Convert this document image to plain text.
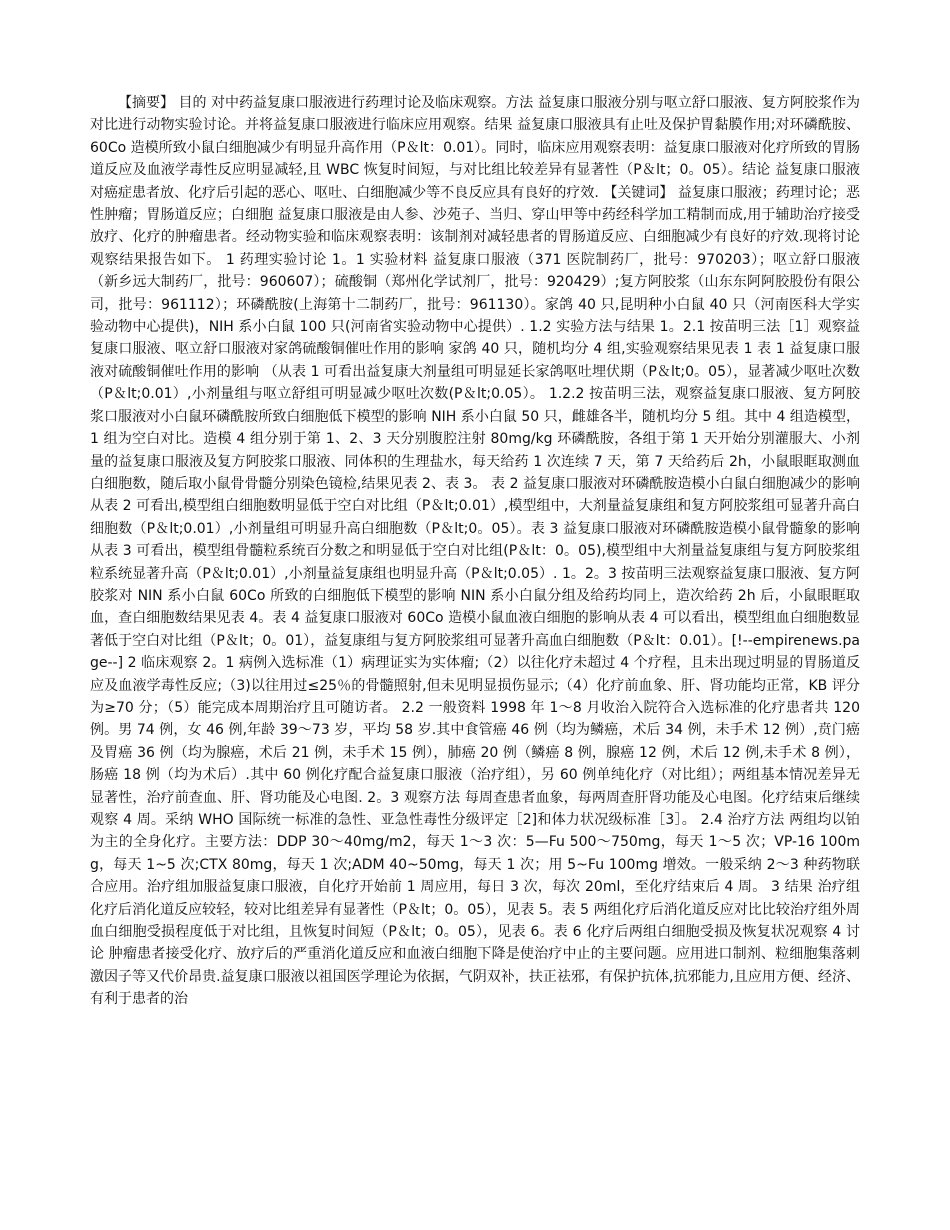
【摘要】 目的 对中药益复康口服液进行药理讨论及临床观察。方法 益复康口服液分别与呕立舒口服液、复方阿胶浆作为对比进行动物实验讨论。并将益复康口服液进行临床应用观察。结果 益复康口服液具有止吐及保护胃黏膜作用;对环磷酰胺、60Co 造模所致小鼠白细胞减少有明显升高作用（P＆lt：0.01）。同时，临床应用观察表明：益复康口服液对化疗所致的胃肠道反应及血液学毒性反应明显减轻,且 WBC 恢复时间短，与对比组比较差异有显著性（P＆lt；0。05）。结论 益复康口服液对癌症患者放、化疗后引起的恶心、呕吐、白细胞减少等不良反应具有良好的疗效. 【关键词】 益复康口服液；药理讨论；恶性肿瘤；胃肠道反应；白细胞 益复康口服液是由人参、沙苑子、当归、穿山甲等中药经科学加工精制而成,用于辅助治疗接受放疗、化疗的肿瘤患者。经动物实验和临床观察表明：该制剂对减轻患者的胃肠道反应、白细胞减少有良好的疗效.现将讨论观察结果报告如下。 1 药理实验讨论 1。1 实验材料 益复康口服液（371 医院制药厂，批号：970203）；呕立舒口服液（新乡远大制药厂，批号：960607）；硫酸铜（郑州化学试剂厂，批号：920429）;复方阿胶浆（山东东阿阿胶股份有限公司，批号：961112）；环磷酰胺(上海第十二制药厂，批号：961130）。家鸽 40 只,昆明种小白鼠 40 只（河南医科大学实验动物中心提供)，NIH 系小白鼠 100 只(河南省实验动物中心提供）. 1.2 实验方法与结果 1。2.1 按苗明三法［1］观察益复康口服液、呕立舒口服液对家鸽硫酸铜催吐作用的影响 家鸽 40 只，随机均分 4 组,实验观察结果见表 1 表 1 益复康口服液对硫酸铜催吐作用的影响 （从表 1 可看出益复康大剂量组可明显延长家鸽呕吐埋伏期（P＆lt;0。05），显著减少呕吐次数（P＆lt;0.01）,小剂量组与呕立舒组可明显减少呕吐次数(P＆lt;0.05）。 1.2.2 按苗明三法，观察益复康口服液、复方阿胶浆口服液对小白鼠环磷酰胺所致白细胞低下模型的影响 NIH 系小白鼠 50 只，雌雄各半，随机均分 5 组。其中 4 组造模型，1 组为空白对比。造模 4 组分别于第 1、2、3 天分别腹腔注射 80mg/kg 环磷酰胺，各组于第 1 天开始分别灌服大、小剂量的益复康口服液及复方阿胶浆口服液、同体积的生理盐水，每天给药 1 次连续 7 天，第 7 天给药后 2h，小鼠眼眶取测血白细胞数，随后取小鼠骨骨髓分别染色镜检,结果见表 2、表 3。 表 2 益复康口服液对环磷酰胺造模小白鼠白细胞减少的影响 从表 2 可看出,模型组白细胞数明显低于空白对比组（P＆lt;0.01）,模型组中，大剂量益复康组和复方阿胶浆组可显著升高白细胞数（P＆lt;0.01）,小剂量组可明显升高白细胞数（P＆lt;0。05）。表 3 益复康口服液对环磷酰胺造模小鼠骨髓象的影响从表 3 可看出，模型组骨髓粒系统百分数之和明显低于空白对比组(P＆lt：0。05),模型组中大剂量益复康组与复方阿胶浆组粒系统显著升高（P＆lt;0.01）,小剂量益复康组也明显升高（P＆lt;0.05）. 1。2。3 按苗明三法观察益复康口服液、复方阿胶浆对 NIN 系小白鼠 60Co 所致的白细胞低下模型的影响 NIN 系小白鼠分组及给药均同上，造次给药 2h 后，小鼠眼眶取血，查白细胞数结果见表 4。表 4 益复康口服液对 60Co 造模小鼠血液白细胞的影响从表 4 可以看出，模型组血白细胞数显著低于空白对比组（P＆lt；0。01），益复康组与复方阿胶浆组可显著升高血白细胞数（P＆lt：0.01）。[!--empirenews.page--] 2 临床观察 2。1 病例入选标准（1）病理证实为实体瘤;（2）以往化疗未超过 4 个疗程，且未出现过明显的胃肠道反应及血液学毒性反应;（3)以往用过≤25％的骨髓照射,但未见明显损伤显示;（4）化疗前血象、肝、肾功能均正常，KB 评分为≥70 分；（5）能完成本周期治疗且可随访者。 2.2 一般资料 1998 年 1～8 月收治入院符合入选标准的化疗患者共 120 例。男 74 例，女 46 例,年龄 39～73 岁，平均 58 岁.其中食管癌 46 例（均为鳞癌，术后 34 例，未手术 12 例）,贲门癌及胃癌 36 例（均为腺癌，术后 21 例，未手术 15 例），肺癌 20 例（鳞癌 8 例，腺癌 12 例，术后 12 例,未手术 8 例），肠癌 18 例（均为术后）.其中 60 例化疗配合益复康口服液（治疗组），另 60 例单纯化疗（对比组）；两组基本情况差异无显著性，治疗前查血、肝、肾功能及心电图. 2。3 观察方法 每周查患者血象，每两周查肝肾功能及心电图。化疗结束后继续观察 4 周。采纳 WHO 国际统一标准的急性、亚急性毒性分级评定［2]和体力状况级标准［3］。 2.4 治疗方法 两组均以铂为主的全身化疗。主要方法：DDP 30～40mg/m2，每天 1～3 次：5—Fu 500～750mg，每天 1～5 次；VP-16 100mg，每天 1~5 次;CTX 80mg，每天 1 次;ADM 40~50mg，每天 1 次；用 5~Fu 100mg 增效。一般采纳 2～3 种药物联合应用。治疗组加服益复康口服液，自化疗开始前 1 周应用，每日 3 次，每次 20ml，至化疗结束后 4 周。 3 结果 治疗组化疗后消化道反应较轻，较对比组差异有显著性（P＆lt；0。05），见表 5。表 5 两组化疗后消化道反应对比比较治疗组外周血白细胞受损程度低于对比组，且恢复时间短（P＆lt；0。05），见表 6。表 6 化疗后两组白细胞受损及恢复状况观察 4 讨论 肿瘤患者接受化疗、放疗后的严重消化道反应和血液白细胞下降是使治疗中止的主要问题。应用进口制剂、粒细胞集落刺激因子等又代价昂贵.益复康口服液以祖国医学理论为依据，气阴双补，扶正祛邪，有保护抗体,抗邪能力,且应用方便、经济、有利于患者的治
